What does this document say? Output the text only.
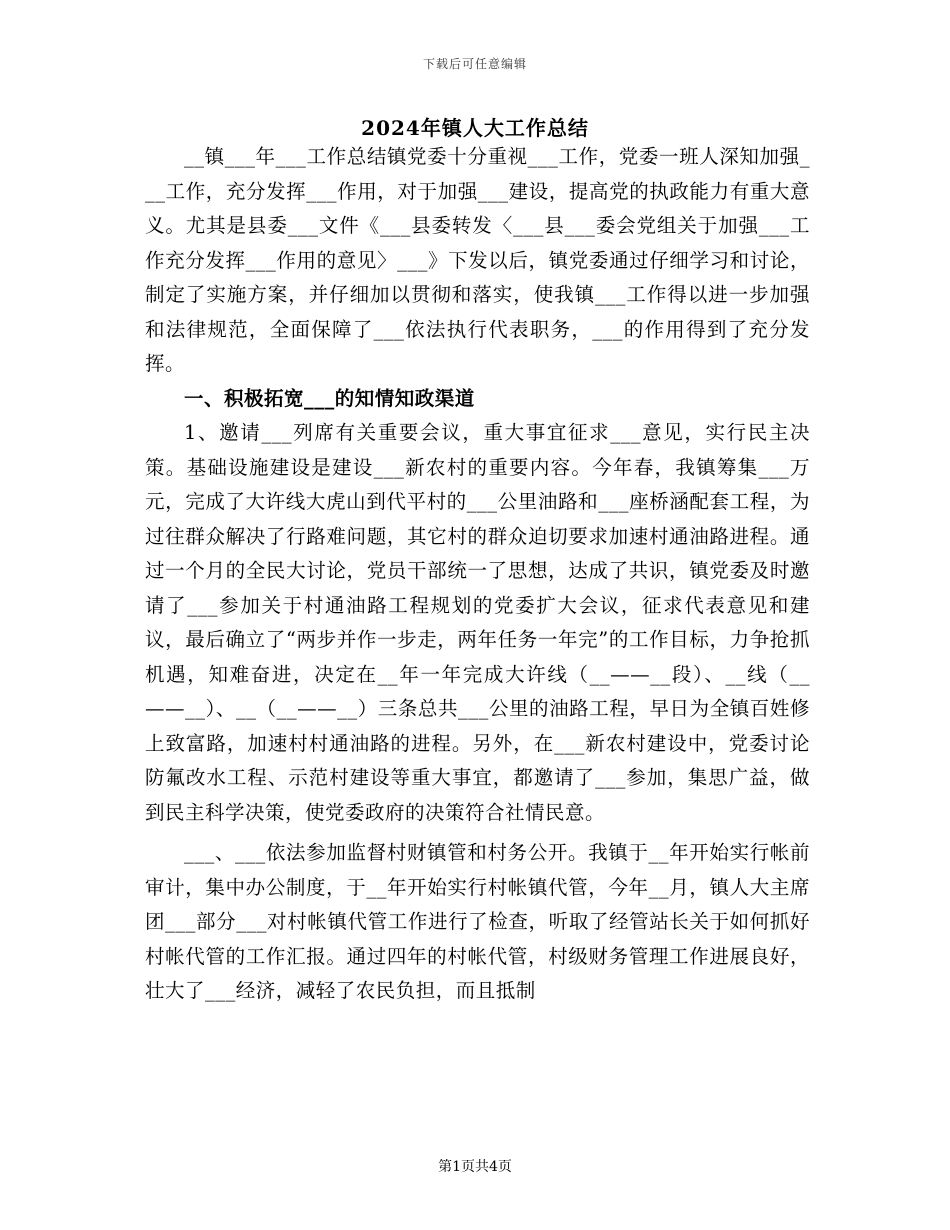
下载后可任意编辑
2024年镇人大工作总结

__镇___年___工作总结镇党委十分重视___工作，党委一班人深知加强___工作，充分发挥___作用，对于加强___建设，提高党的执政能力有重大意义。尤其是县委___文件《___县委转发〈___县___委会党组关于加强___工作充分发挥___作用的意见〉___》下发以后，镇党委通过仔细学习和讨论，制定了实施方案，并仔细加以贯彻和落实，使我镇___工作得以进一步加强和法律规范，全面保障了___依法执行代表职务，___的作用得到了充分发挥。

一、积极拓宽___的知情知政渠道

1、邀请___列席有关重要会议，重大事宜征求___意见，实行民主决策。基础设施建设是建设___新农村的重要内容。今年春，我镇筹集___万元，完成了大许线大虎山到代平村的___公里油路和___座桥涵配套工程，为过往群众解决了行路难问题，其它村的群众迫切要求加速村通油路进程。通过一个月的全民大讨论，党员干部统一了思想，达成了共识，镇党委及时邀请了___参加关于村通油路工程规划的党委扩大会议，征求代表意见和建议，最后确立了“两步并作一步走，两年任务一年完”的工作目标，力争抢抓机遇，知难奋进，决定在__年一年完成大许线（__——__段）、__线（__——__）、__（__——__）三条总共___公里的油路工程，早日为全镇百姓修上致富路，加速村村通油路的进程。另外，在___新农村建设中，党委讨论防氟改水工程、示范村建设等重大事宜，都邀请了___参加，集思广益，做到民主科学决策，使党委政府的决策符合社情民意。

___、___依法参加监督村财镇管和村务公开。我镇于__年开始实行帐前审计，集中办公制度，于__年开始实行村帐镇代管，今年__月，镇人大主席团___部分___对村帐镇代管工作进行了检查，听取了经管站长关于如何抓好村帐代管的工作汇报。通过四年的村帐代管，村级财务管理工作进展良好，壮大了___经济，减轻了农民负担，而且抵制

第1页共4页
